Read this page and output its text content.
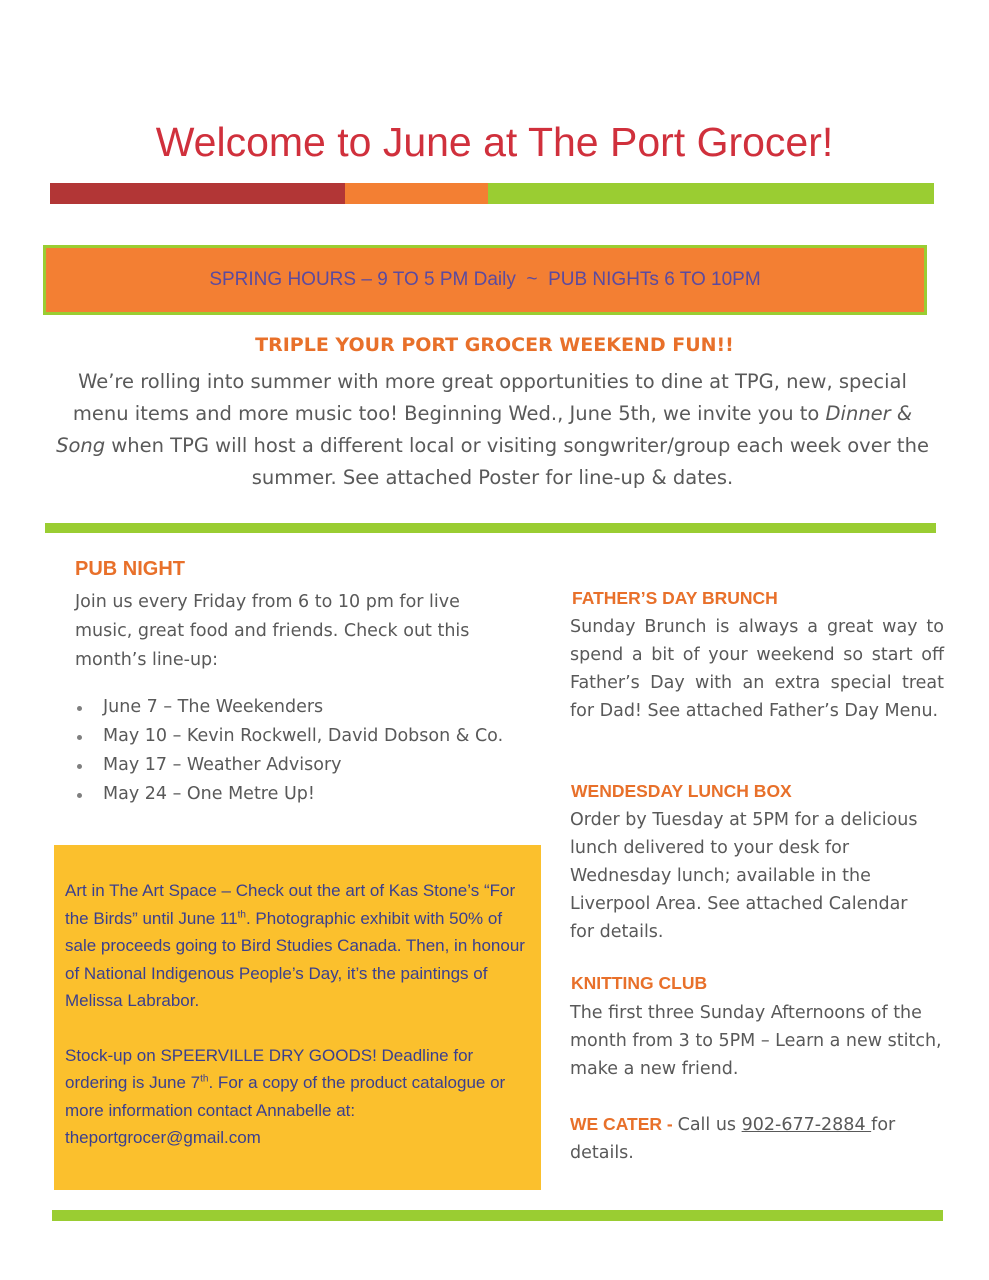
Welcome to June at The Port Grocer!
SPRING HOURS – 9 TO 5 PM Daily  ~  PUB NIGHTs 6 TO 10PM
TRIPLE YOUR PORT GROCER WEEKEND FUN!!
We’re rolling into summer with more great opportunities to dine at TPG, new, special menu items and more music too! Beginning Wed., June 5th, we invite you to Dinner & Song when TPG will host a different local or visiting songwriter/group each week over the summer. See attached Poster for line-up & dates.
PUB NIGHT
Join us every Friday from 6 to 10 pm for live music, great food and friends. Check out this month’s line-up:
June 7 – The Weekenders
May 10 – Kevin Rockwell, David Dobson & Co.
May 17 – Weather Advisory
May 24 – One Metre Up!

Art in The Art Space – Check out the art of Kas Stone’s “For the Birds” until June 11th. Photographic exhibit with 50% of sale proceeds going to Bird Studies Canada. Then, in honour of National Indigenous People’s Day, it’s the paintings of Melissa Labrabor.

Stock-up on SPEERVILLE DRY GOODS! Deadline for ordering is June 7th. For a copy of the product catalogue or more information contact Annabelle at: theportgrocer@gmail.com

FATHER’S DAY BRUNCH
Sunday Brunch is always a great way to spend a bit of your weekend so start off Father’s Day with an extra special treat for Dad! See attached Father’s Day Menu.
WENDESDAY LUNCH BOX
Order by Tuesday at 5PM for a delicious lunch delivered to your desk for Wednesday lunch; available in the Liverpool Area. See attached Calendar for details.
KNITTING CLUB
The first three Sunday Afternoons of the month from 3 to 5PM – Learn a new stitch, make a new friend.
WE CATER - Call us 902-677-2884 for details.
